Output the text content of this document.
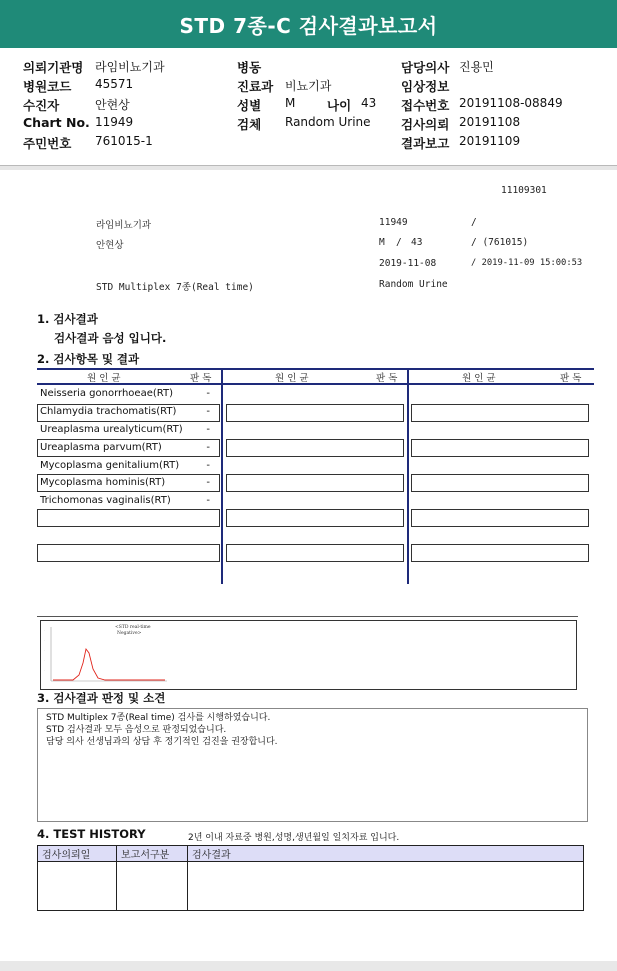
STD 7종-C 검사결과보고서
의뢰기관명 라임비뇨기과	병동	담당의사 진용민
병원코드 45571	진료과 비뇨기과	임상정보
수진자	안현상	성별 M	나이 43 접수번호 20191108-08849
Chart No. 11949	검체 Random Urine 검사의뢰 20191108
주민번호 761015-1	결과보고 20191109
11109301
라임비뇨기과	11949	/
안현상	M / 43	/ (761015)
2019-11-08	/ 2019-11-09 15:00:53
STD Multiplex 7종(Real time)	Random Urine
1. 검사결과
검사결과 음성 입니다.
2. 검사항목 및 결과
원 인 균	판 독	원 인 균	판 독	원 인 균	판 독
Neisseria gonorrhoeae(RT)	-
Chlamydia trachomatis(RT)	-
Ureaplasma urealyticum(RT) -
Ureaplasma parvum(RT)	-
Mycoplasma genitalium(RT)	-
Mycoplasma hominis(RT)	-
Trichomonas vaginalis(RT)	-
.
.
.
.
.
<STD real-time
Negative>
3. 검사결과 판정 및 소견
STD Multiplex 7종(Real time) 검사를 시행하였습니다.
STD 검사결과 모두 음성으로 판정되었습니다.
담당 의사 선생님과의 상담 후 정기적인 검진을 권장합니다.
4. TEST HISTORY	2년 이내 자료중 병원,성명,생년월일 일치자료 입니다.
검사의뢰일	보고서구분	검사결과
